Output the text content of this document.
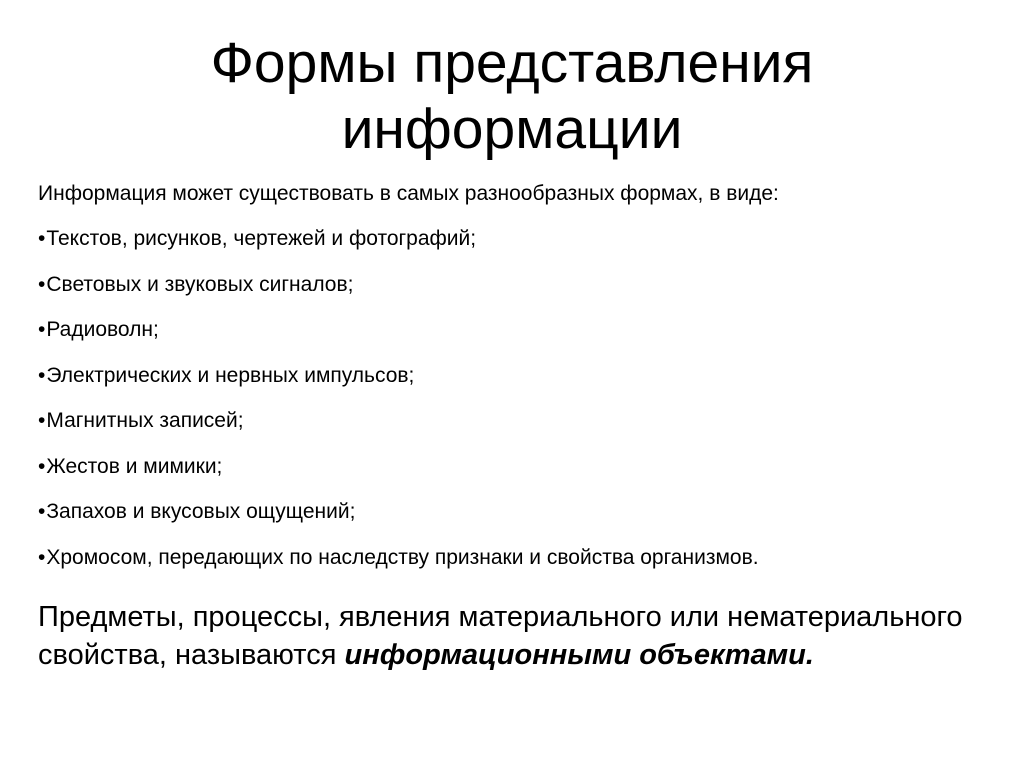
Формы представления
информации

Информация может существовать в самых разнообразных формах, в виде:

•Текстов, рисунков, чертежей и фотографий;
•Световых и звуковых сигналов;
•Радиоволн;
•Электрических и нервных импульсов;
•Магнитных записей;
•Жестов и мимики;
•Запахов и вкусовых ощущений;
•Хромосом, передающих по наследству признаки и свойства организмов.

Предметы, процессы, явления материального или нематериального свойства, называются информационными объектами.
